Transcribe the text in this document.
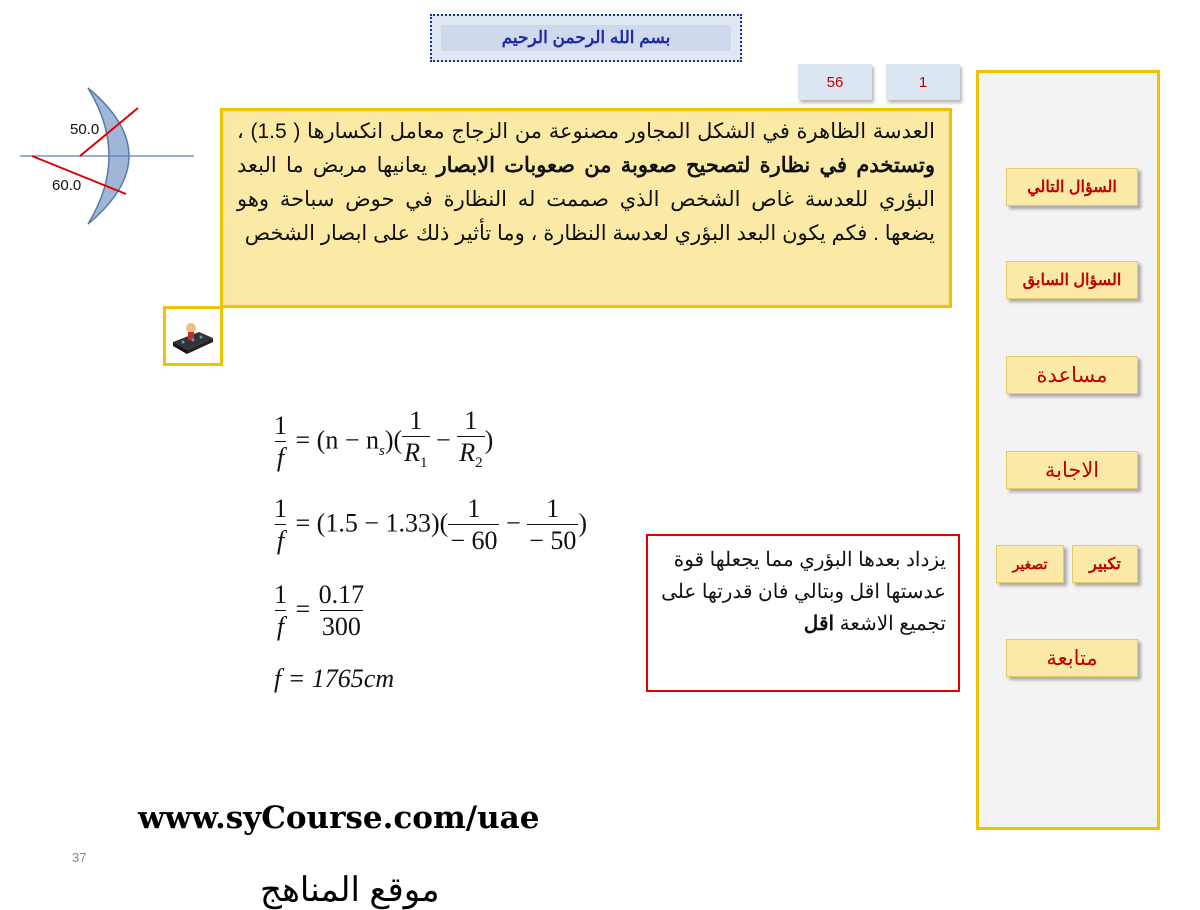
بسم الله الرحمن الرحيم
56	1
50.0
60.0
العدسة الظاهرة في الشكل المجاور مصنوعة من الزجاج معامل انكسارها ( 1.5) ، وتستخدم في نظارة لتصحيح صعوبة من صعوبات الابصار يعانيها مربض ما البعد البؤري للعدسة غاص الشخص الذي صممت له النظارة في حوض سباحة وهو يضعها . فكم يكون البعد البؤري لعدسة النظارة ، وما تأثير ذلك على ابصار الشخص
السؤال التالي
السؤال السابق
مساعدة
الاجابة
تصغير	تكبير
متابعة
$\frac{1}{f} = (n - n_s)( \frac{1}{R_1} - \frac{1}{R_2}$ )
$\frac{1}{f} = (1.5 - 1.33)( \frac{1}{- 60} - \frac{1}{- 50}$ )
$\frac{1}{f} = \frac{0.17}{300}$
f = 1765cm
يزداد بعدها البؤري مما يجعلها قوة عدستها اقل وبتالي فان قدرتها على تجميع الاشعة اقل
www.syCourse.com/uae
37
موقع المناهج
